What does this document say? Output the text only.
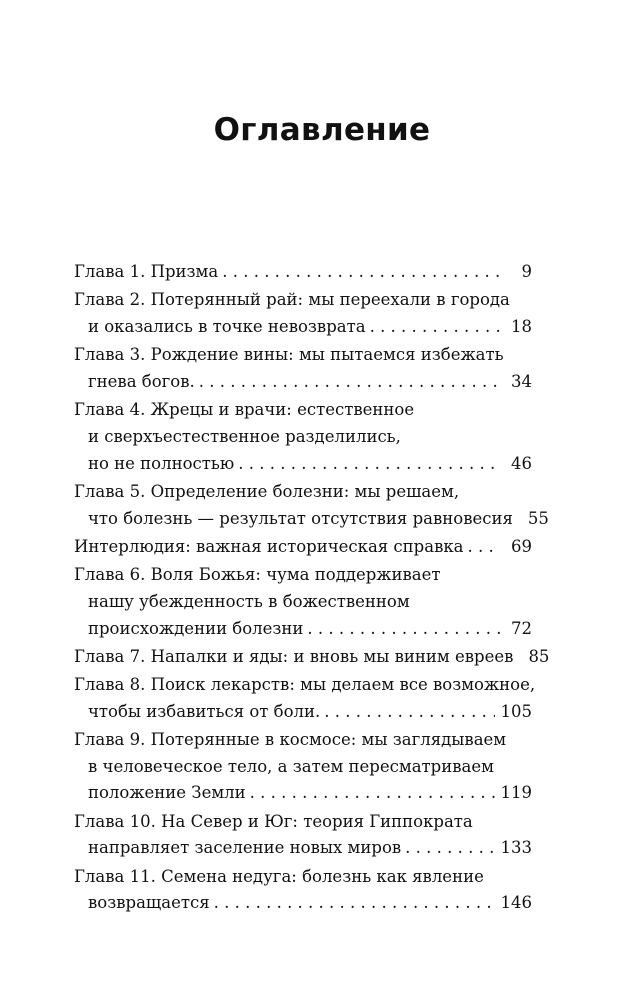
Оглавление
Глава 1. Призма . . .	9
Глава 2. Потерянный рай: мы переехали в города
и оказались в точке невозврата . . .	18
Глава 3. Рождение вины: мы пытаемся избежать
гнева богов. . . .	34
Глава 4. Жрецы и врачи: естественное
и сверхъестественное разделились,
но не полностью . . .	46
Глава 5. Определение болезни: мы решаем,
что болезнь — результат отсутствия равновесия 55
Интерлюдия: важная историческая справка . . .	69
Глава 6. Воля Божья: чума поддерживает
нашу убежденность в божественном
происхождении болезни . . .	72
Глава 7. Напалки и яды: и вновь мы виним евреев 85
Глава 8. Поиск лекарств: мы делаем все возможное,
чтобы избавиться от боли. . . .	105
Глава 9. Потерянные в космосе: мы заглядываем
в человеческое тело, а затем пересматриваем
положение Земли . . .	119
Глава 10. На Север и Юг: теория Гиппократа
направляет заселение новых миров . . .	133
Глава 11. Семена недуга: болезнь как явление
возвращается . . .	146
